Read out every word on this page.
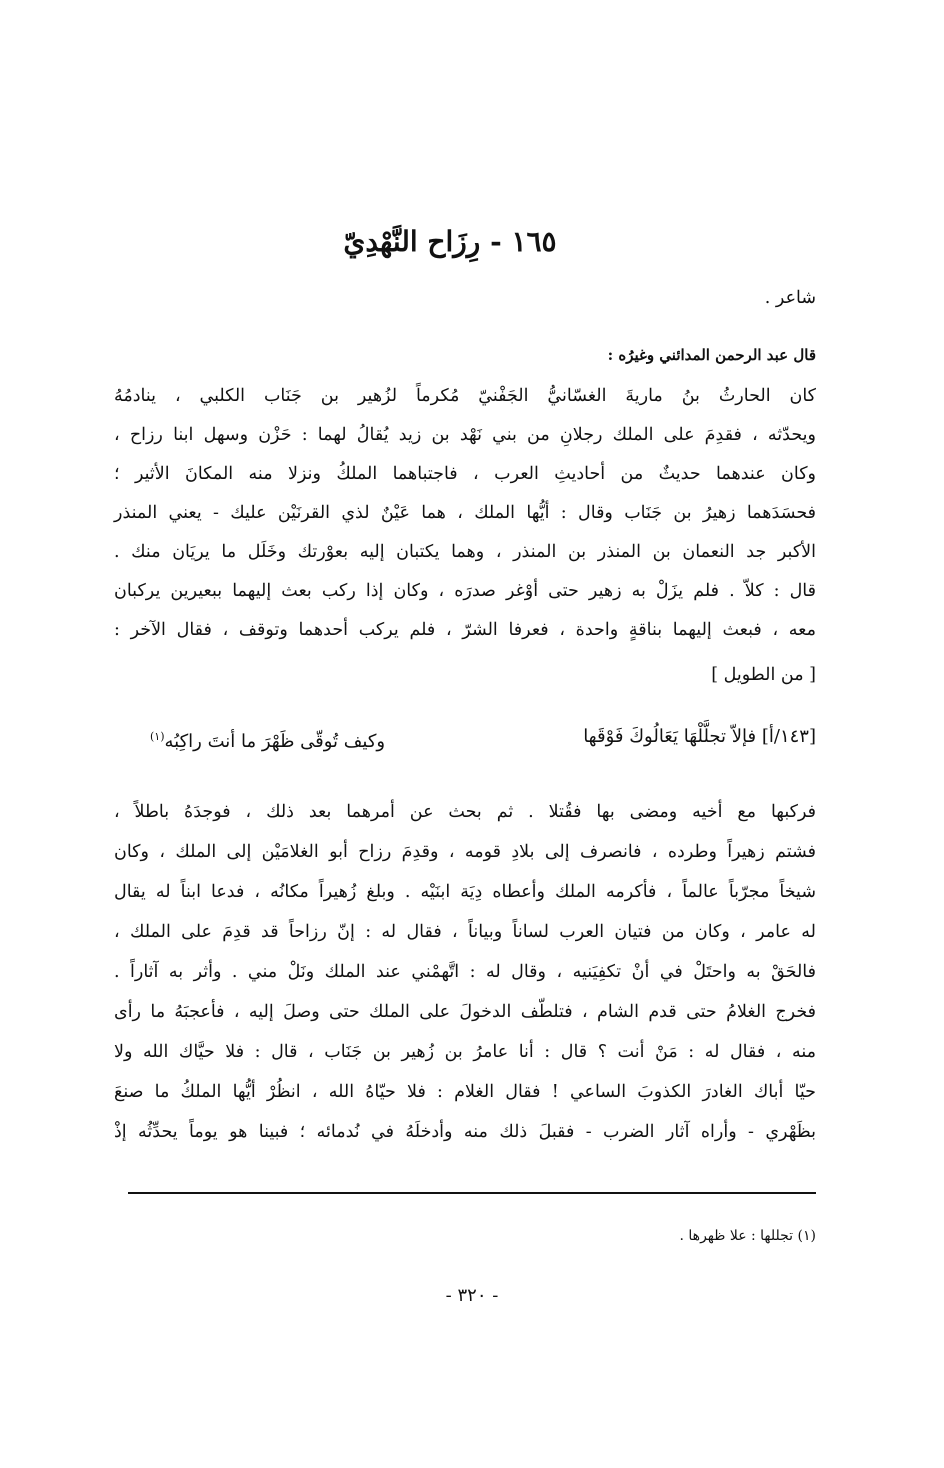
١٦٥ - رِزَاح النَّهْدِيّ
شاعر .
قال عبد الرحمن المدائني وغيرُه :
كان الحارثُ بنُ ماريةَ الغسّانيُّ الجَفْنيّ مُكرماً لزُهير بن جَنَاب الكلبي ، ينادمُهُ
ويحدّثه ، فقدِمَ على الملك رجلانِ من بني نَهْد بن زيد يُقالُ لهما : حَزْن وسهل ابنا رزاح ،
وكان عندهما حديثٌ من أحاديثِ العرب ، فاجتباهما الملكُ ونزلا منه المكانَ الأثير ؛
فحسَدَهما زهيرُ بن جَنَاب وقال : أيُّها الملك ، هما عَيْنٌ لذي القرنَيْن عليك - يعني المنذر
الأكبر جد النعمان بن المنذر بن المنذر ، وهما يكتبان إليه بعوْرتك وخَلَل ما يريَان منك .
قال : كلاّ . فلم يزَلْ به زهير حتى أوْغر صدرَه ، وكان إذا ركب بعث إليهما ببعيرين يركبان
معه ، فبعث إليهما بناقةٍ واحدة ، فعرفا الشرّ ، فلم يركب أحدهما وتوقف ، فقال الآخر :
[ من الطويل ]
[١٤٣/أ] فإلاّ تجلَّلْهَا يَعَالُوكَ فَوْقَها
وكيف تُوقّى ظَهْرَ ما أنتَ راكِبُه$^{(١)}$
فركبها مع أخيه ومضى بها فقُتلا . ثم بحث عن أمرهما بعد ذلك ، فوجدَهُ باطلاً ،
فشتم زهيراً وطرده ، فانصرف إلى بلادِ قومه ، وقدِمَ رزاح أبو الغلامَيْن إلى الملك ، وكان
شيخاً مجرّباً عالماً ، فأكرمه الملك وأعطاه دِيَة ابنَيْه . وبلغ زُهيراً مكانُه ، فدعا ابناً له يقال
له عامر ، وكان من فتيان العرب لساناً وبياناً ، فقال له : إنّ رزاحاً قد قدِمَ على الملك ،
فالحَقْ به واحتَلْ في أنْ تكفِيَنيه ، وقال له : اتَّهمْني عند الملك ونَلْ مني . وأثر به آثاراً .
فخرج الغلامُ حتى قدم الشام ، فتلطّف الدخولَ على الملك حتى وصلَ إليه ، فأعجبَهُ ما رأى
منه ، فقال له : مَنْ أنت ؟ قال : أنا عامرُ بن زُهير بن جَنَاب ، قال : فلا حيَّاك الله ولا
حيّا أباك الغادرَ الكذوبَ الساعي ! فقال الغلام : فلا حيّاهُ الله ، انظُرْ أيُّها الملكُ ما صنعَ
بظَهْري - وأراه آثار الضرب - فقبلَ ذلك منه وأدخلَهُ في نُدمائه ؛ فبينا هو يوماً يحدِّثُه إذْ
(١) تجللها : علا ظهرها .
- ٣٢٠ -
